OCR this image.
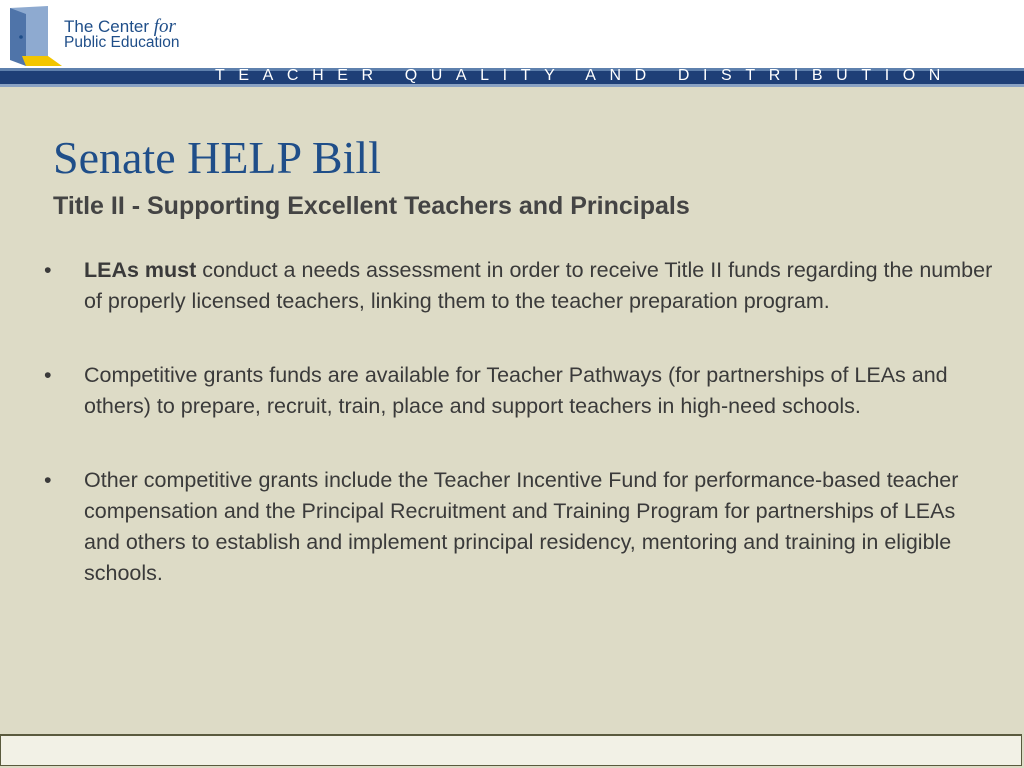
The Center for
Public Education
TEACHER QUALITY AND DISTRIBUTION
Senate HELP Bill
Title II - Supporting Excellent Teachers and Principals
• LEAs must conduct a needs assessment in order to receive Title II funds regarding the number of properly licensed teachers, linking them to the teacher preparation program.
• Competitive grants funds are available for Teacher Pathways (for partnerships of LEAs and others) to prepare, recruit, train, place and support teachers in high-need schools.
• Other competitive grants include the Teacher Incentive Fund for performance-based teacher compensation and the Principal Recruitment and Training Program for partnerships of LEAs and others to establish and implement principal residency, mentoring and training in eligible schools.
